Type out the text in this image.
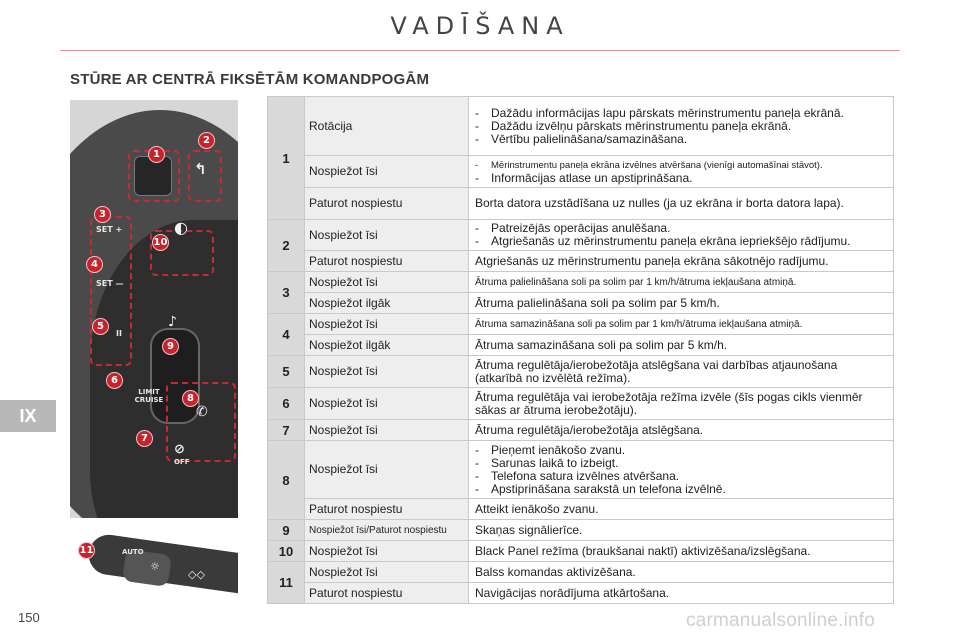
VADĪŠANA
STŪRE AR CENTRĀ FIKSĒTĀM KOMANDPOGĀM
IX
↰
◐
SET +
SET —
II
LIMIT CRUISE
✆
♪
⊘
OFF
1
2
3
4
5
6
7
8
9
10
AUTO
☼
◇◇
11
1	Rotācija	- Dažādu informācijas lapu pārskats mērinstrumentu paneļa ekrānā.
- Dažādu izvēlņu pārskats mērinstrumentu paneļa ekrānā.
- Vērtību palielināšana/samazināšana.

	Nospiežot īsi	- Mērinstrumentu paneļa ekrāna izvēlnes atvēršana (vienīgi automašīnai stāvot).
- Informācijas atlase un apstiprināšana.

	Paturot nospiestu	Borta datora uzstādīšana uz nulles (ja uz ekrāna ir borta datora lapa).
2	Nospiežot īsi	- Patreizējās operācijas anulēšana.
- Atgriešanās uz mērinstrumentu paneļa ekrāna iepriekšējo rādījumu.

	Paturot nospiestu	Atgriešanās uz mērinstrumentu paneļa ekrāna sākotnējo radījumu.
3	Nospiežot īsi	Ātruma palielināšana soli pa solim par 1 km/h/ātruma iekļaušana atmiņā.
	Nospiežot ilgāk	Ātruma palielināšana soli pa solim par 5 km/h.
4	Nospiežot īsi	Ātruma samazināšana soli pa solim par 1 km/h/ātruma iekļaušana atmiņā.
	Nospiežot ilgāk	Ātruma samazināšana soli pa solim par 5 km/h.
5	Nospiežot īsi	Ātruma regulētāja/ierobežotāja atslēgšana vai darbības atjaunošana (atkarībā no izvēlētā režīma).
6	Nospiežot īsi	Ātruma regulētāja vai ierobežotāja režīma izvēle (šīs pogas cikls vienmēr sākas ar ātruma ierobežotāju).
7	Nospiežot īsi	Ātruma regulētāja/ierobežotāja atslēgšana.
8	Nospiežot īsi	- Pieņemt ienākošo zvanu.
- Sarunas laikā to izbeigt.
- Telefona satura izvēlnes atvēršana.
- Apstiprināšana sarakstā un telefona izvēlnē.

	Paturot nospiestu	Atteikt ienākošo zvanu.
9	Nospiežot īsi/Paturot nospiestu	Skaņas signālierīce.
10	Nospiežot īsi	Black Panel režīma (braukšanai naktī) aktivizēšana/izslēgšana.
11	Nospiežot īsi	Balss komandas aktivizēšana.
	Paturot nospiestu	Navigācijas norādījuma atkārtošana.
150	carmanualsonline.info
